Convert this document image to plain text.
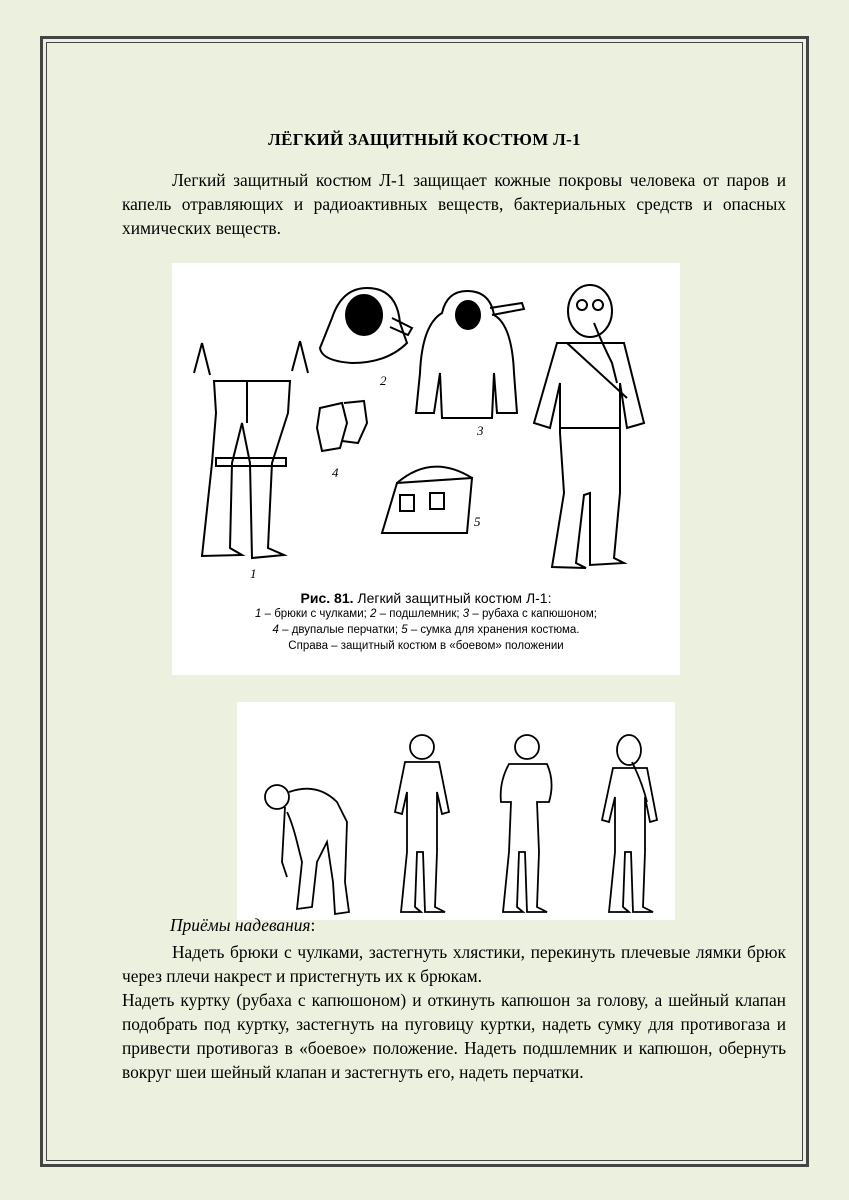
ЛЁГКИЙ ЗАЩИТНЫЙ КОСТЮМ Л-1

Легкий защитный костюм Л-1 защищает кожные покровы человека от паров и капель отравляющих и радиоактивных веществ, бактериальных средств и опасных химических веществ.

1
2
3
4
5
Рис. 81. Легкий защитный костюм Л-1:
1 – брюки с чулками; 2 – подшлемник; 3 – рубаха с капюшоном;
4 – двупалые перчатки; 5 – сумка для хранения костюма.
Справа – защитный костюм в «боевом» положении
Приёмы надевания:

Надеть брюки с чулками, застегнуть хлястики, перекинуть плечевые лямки брюк через плечи накрест и пристегнуть их к брюкам.

Надеть куртку (рубаха с капюшоном) и откинуть капюшон за голову, а шейный клапан подобрать под куртку, застегнуть на пуговицу куртки, надеть сумку для противогаза и привести противогаз в «боевое» положение. Надеть подшлемник и капюшон, обернуть вокруг шеи шейный клапан и застегнуть его, надеть перчатки.
